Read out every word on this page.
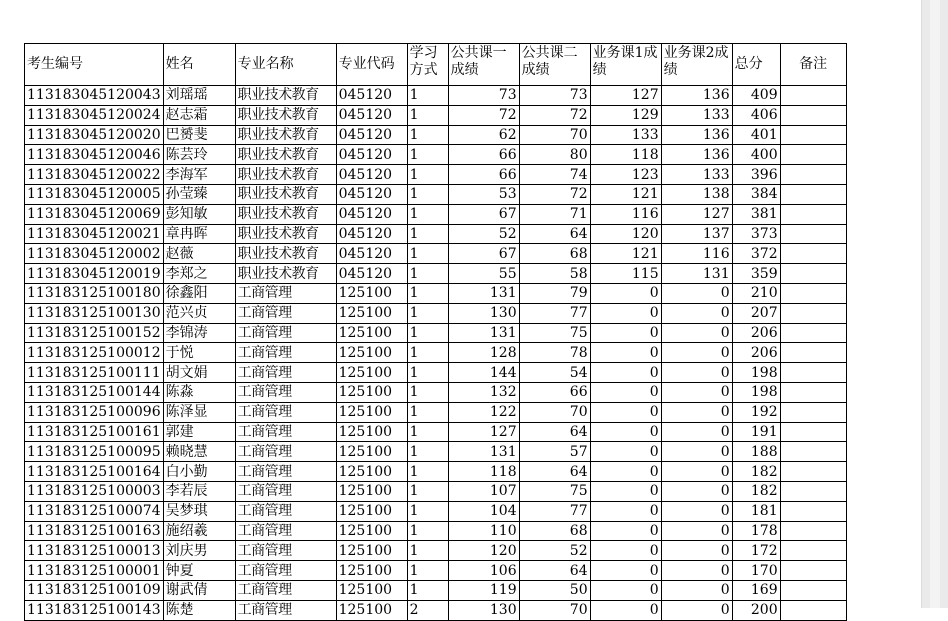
考生编号	姓名	专业名称	专业代码	学习方式	公共课一成绩	公共课二成绩	业务课1成绩	业务课2成绩	总分	备注
113183045120043	刘瑶瑶	职业技术教育	045120	1	73	73	127	136	409	
113183045120024	赵志霜	职业技术教育	045120	1	72	72	129	133	406	
113183045120020	巴赟斐	职业技术教育	045120	1	62	70	133	136	401	
113183045120046	陈芸玲	职业技术教育	045120	1	66	80	118	136	400	
113183045120022	李海军	职业技术教育	045120	1	66	74	123	133	396	
113183045120005	孙莹臻	职业技术教育	045120	1	53	72	121	138	384	
113183045120069	彭知敏	职业技术教育	045120	1	67	71	116	127	381	
113183045120021	章冉晖	职业技术教育	045120	1	52	64	120	137	373	
113183045120002	赵薇	职业技术教育	045120	1	67	68	121	116	372	
113183045120019	李郑之	职业技术教育	045120	1	55	58	115	131	359	
113183125100180	徐鑫阳	工商管理	125100	1	131	79	0	0	210	
113183125100130	范兴贞	工商管理	125100	1	130	77	0	0	207	
113183125100152	李锦涛	工商管理	125100	1	131	75	0	0	206	
113183125100012	于悦	工商管理	125100	1	128	78	0	0	206	
113183125100111	胡文娟	工商管理	125100	1	144	54	0	0	198	
113183125100144	陈淼	工商管理	125100	1	132	66	0	0	198	
113183125100096	陈泽显	工商管理	125100	1	122	70	0	0	192	
113183125100161	郭建	工商管理	125100	1	127	64	0	0	191	
113183125100095	赖晓慧	工商管理	125100	1	131	57	0	0	188	
113183125100164	白小勤	工商管理	125100	1	118	64	0	0	182	
113183125100003	李若辰	工商管理	125100	1	107	75	0	0	182	
113183125100074	吴梦琪	工商管理	125100	1	104	77	0	0	181	
113183125100163	施绍羲	工商管理	125100	1	110	68	0	0	178	
113183125100013	刘庆男	工商管理	125100	1	120	52	0	0	172	
113183125100001	钟夏	工商管理	125100	1	106	64	0	0	170	
113183125100109	谢武倩	工商管理	125100	1	119	50	0	0	169	
113183125100143	陈楚	工商管理	125100	2	130	70	0	0	200	
